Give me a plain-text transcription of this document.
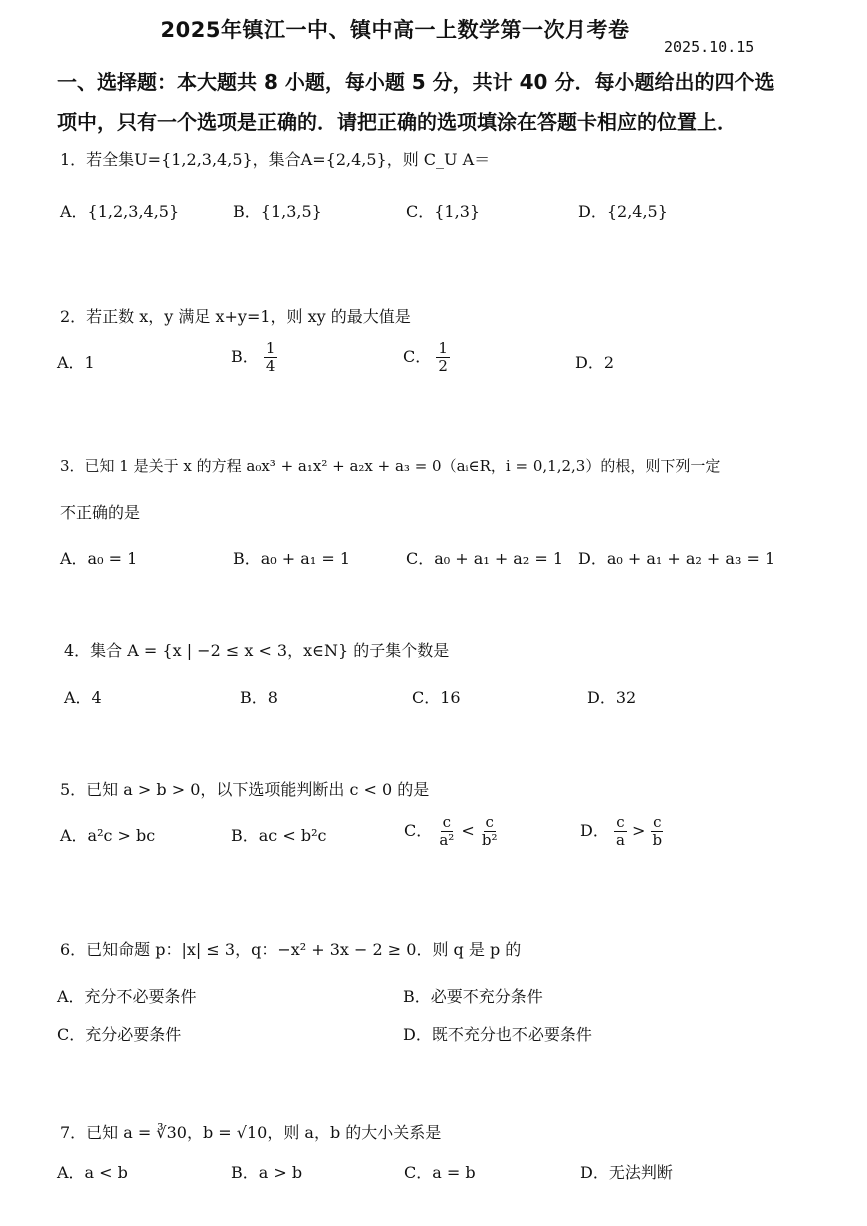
2025年镇江一中、镇中高一上数学第一次月考卷
2025.10.15
一、选择题：本大题共 8 小题，每小题 5 分，共计 40 分．每小题给出的四个选
项中，只有一个选项是正确的．请把正确的选项填涂在答题卡相应的位置上．
1．若全集U={1,2,3,4,5}，集合A={2,4,5}，则 C_U A＝
A．{1,2,3,4,5}	B．{1,3,5}	C．{1,3}	D．{2,4,5}
2．若正数 x，y 满足 x+y=1，则 xy 的最大值是
A．1	B． $\frac{1}{4}$	C． $\frac{1}{2}$	D．2
3．已知 1 是关于 x 的方程 a₀x³ + a₁x² + a₂x + a₃ = 0（aᵢ∈R，i = 0,1,2,3）的根，则下列一定
不正确的是
A．a₀ = 1	B．a₀ + a₁ = 1	C．a₀ + a₁ + a₂ = 1 D．a₀ + a₁ + a₂ + a₃ = 1
4．集合 A = {x | −2 ≤ x < 3，x∈N} 的子集个数是
A．4	B．8	C．16	D．32
5．已知 a > b > 0，以下选项能判断出 c < 0 的是
A．a²c > bc	B．ac < b²c	C． $\frac{c}{\text{a²}} < \frac{c}{\text{b²}}$	D． $\frac{c}{a} > \frac{c}{b}$
6．已知命题 p：|x| ≤ 3，q：−x² + 3x − 2 ≥ 0．则 q 是 p 的
A．充分不必要条件	B．必要不充分条件
C．充分必要条件	D．既不充分也不必要条件
7．已知 a = ∛30，b = √10，则 a，b 的大小关系是
A．a < b	B．a > b	C．a = b	D．无法判断
